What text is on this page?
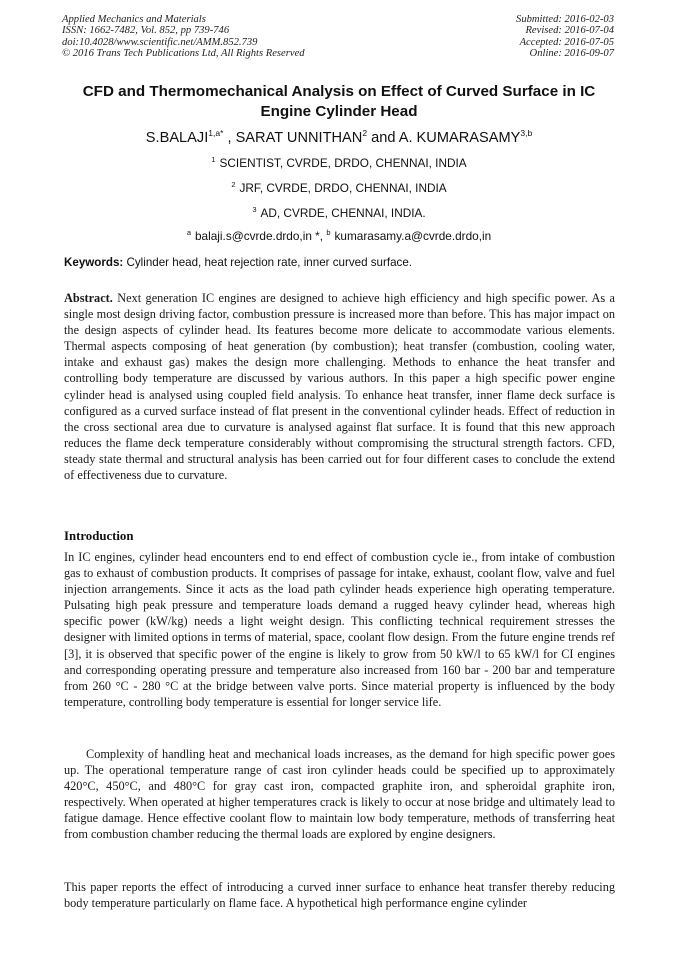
Applied Mechanics and Materials
ISSN: 1662-7482, Vol. 852, pp 739-746
doi:10.4028/www.scientific.net/AMM.852.739
© 2016 Trans Tech Publications Ltd, All Rights Reserved
Submitted: 2016-02-03
Revised: 2016-07-04
Accepted: 2016-07-05
Online: 2016-09-07
CFD and Thermomechanical Analysis on Effect of Curved Surface in IC Engine Cylinder Head
$S.BALAJI^{1,a*}$ , SARAT UNNITHAN$^2$ and A. KUMARASAMY$^{3,b}$
$^1$ SCIENTIST, CVRDE, DRDO, CHENNAI, INDIA
$^2$ JRF, CVRDE, DRDO, CHENNAI, INDIA
$^3$ AD, CVRDE, CHENNAI, INDIA.
$^a$ balaji.s@cvrde.drdo,in *, $^b$ kumarasamy.a@cvrde.drdo,in
Keywords: Cylinder head, heat rejection rate, inner curved surface.

Abstract. Next generation IC engines are designed to achieve high efficiency and high specific power. As a single most design driving factor, combustion pressure is increased more than before. This has major impact on the design aspects of cylinder head. Its features become more delicate to accommodate various elements. Thermal aspects composing of heat generation (by combustion); heat transfer (combustion, cooling water, intake and exhaust gas) makes the design more challenging. Methods to enhance the heat transfer and controlling body temperature are discussed by various authors. In this paper a high specific power engine cylinder head is analysed using coupled field analysis. To enhance heat transfer, inner flame deck surface is configured as a curved surface instead of flat present in the conventional cylinder heads. Effect of reduction in the cross sectional area due to curvature is analysed against flat surface. It is found that this new approach reduces the flame deck temperature considerably without compromising the structural strength factors. CFD, steady state thermal and structural analysis has been carried out for four different cases to conclude the extend of effectiveness due to curvature.

Introduction

In IC engines, cylinder head encounters end to end effect of combustion cycle ie., from intake of combustion gas to exhaust of combustion products. It comprises of passage for intake, exhaust, coolant flow, valve and fuel injection arrangements. Since it acts as the load path cylinder heads experience high operating temperature. Pulsating high peak pressure and temperature loads demand a rugged heavy cylinder head, whereas high specific power (kW/kg) needs a light weight design. This conflicting technical requirement stresses the designer with limited options in terms of material, space, coolant flow design. From the future engine trends ref [3], it is observed that specific power of the engine is likely to grow from 50 kW/l to 65 kW/l for CI engines and corresponding operating pressure and temperature also increased from 160 bar - 200 bar and temperature from 260 °C - 280 °C at the bridge between valve ports. Since material property is influenced by the body temperature, controlling body temperature is essential for longer service life.

Complexity of handling heat and mechanical loads increases, as the demand for high specific power goes up. The operational temperature range of cast iron cylinder heads could be specified up to approximately 420°C, 450°C, and 480°C for gray cast iron, compacted graphite iron, and spheroidal graphite iron, respectively. When operated at higher temperatures crack is likely to occur at nose bridge and ultimately lead to fatigue damage. Hence effective coolant flow to maintain low body temperature, methods of transferring heat from combustion chamber reducing the thermal loads are explored by engine designers.

This paper reports the effect of introducing a curved inner surface to enhance heat transfer thereby reducing body temperature particularly on flame face. A hypothetical high performance engine cylinder
